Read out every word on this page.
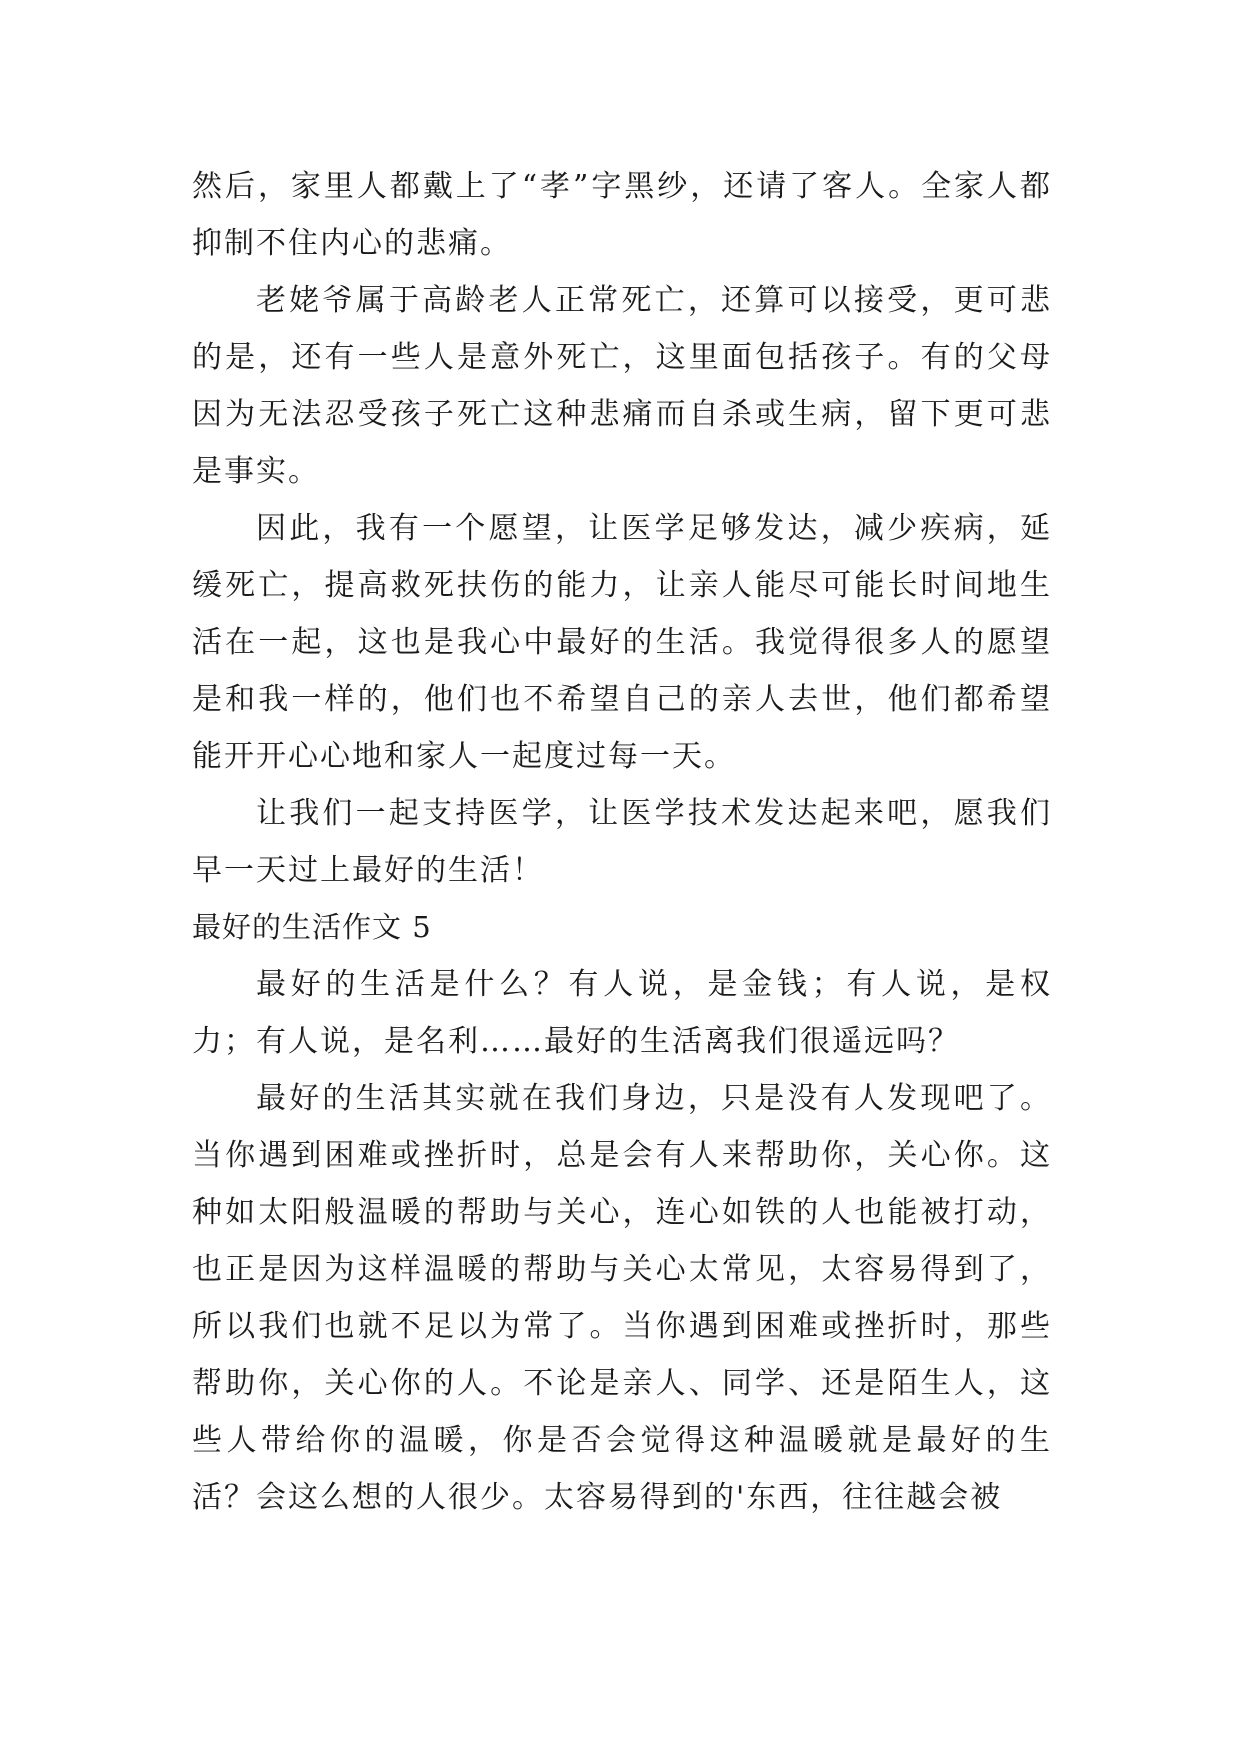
然后，家里人都戴上了“孝”字黑纱，还请了客人。全家人都抑制不住内心的悲痛。

老姥爷属于高龄老人正常死亡，还算可以接受，更可悲的是，还有一些人是意外死亡，这里面包括孩子。有的父母因为无法忍受孩子死亡这种悲痛而自杀或生病，留下更可悲是事实。

因此，我有一个愿望，让医学足够发达，减少疾病，延缓死亡，提高救死扶伤的能力，让亲人能尽可能长时间地生活在一起，这也是我心中最好的生活。我觉得很多人的愿望是和我一样的，他们也不希望自己的亲人去世，他们都希望能开开心心地和家人一起度过每一天。

让我们一起支持医学，让医学技术发达起来吧，愿我们早一天过上最好的生活！

最好的生活作文 5

最好的生活是什么？有人说，是金钱；有人说，是权力；有人说，是名利……最好的生活离我们很遥远吗？

最好的生活其实就在我们身边，只是没有人发现吧了。当你遇到困难或挫折时，总是会有人来帮助你，关心你。这种如太阳般温暖的帮助与关心，连心如铁的人也能被打动，也正是因为这样温暖的帮助与关心太常见，太容易得到了，所以我们也就不足以为常了。当你遇到困难或挫折时，那些帮助你，关心你的人。不论是亲人、同学、还是陌生人，这些人带给你的温暖，你是否会觉得这种温暖就是最好的生活？会这么想的人很少。太容易得到的'东西，往往越会被
